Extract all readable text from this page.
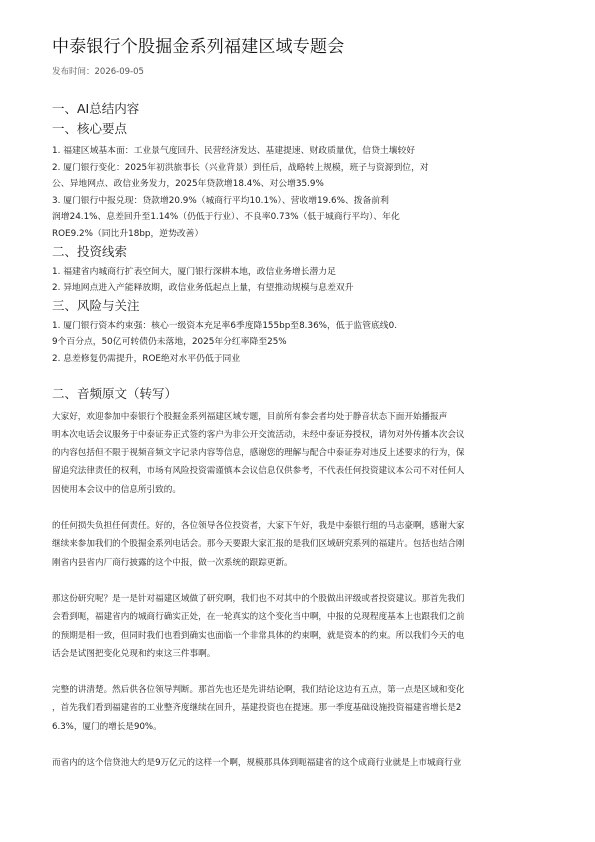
中泰银行个股掘金系列福建区域专题会
发布时间：2026-09-05
一、AI总结内容
一、核心要点
1. 福建区域基本面：工业景气度回升、民营经济发达、基建提速、财政质量优，信贷土壤较好
2. 厦门银行变化：2025年初洪旅事长（兴业背景）到任后，战略转上规模，班子与资源到位，对
公、异地网点、政信业务发力，2025年贷款增18.4%、对公增35.9%
3. 厦门银行中报兑现：贷款增20.9%（城商行平均10.1%）、营收增19.6%、拨备前利
润增24.1%、息差回升至1.14%（仍低于行业）、不良率0.73%（低于城商行平均）、年化
ROE9.2%（同比升18bp，逆势改善）
二、投资线索
1. 福建省内城商行扩表空间大，厦门银行深耕本地，政信业务增长潜力足
2. 异地网点进入产能释放期，政信业务低起点上量，有望推动规模与息差双升
三、风险与关注
1. 厦门银行资本约束强：核心一级资本充足率6季度降155bp至8.36%，低于监管底线0.
9个百分点，50亿可转债仍未落地，2025年分红率降至25%
2. 息差修复仍需提升，ROE绝对水平仍低于同业
二、音频原文（转写）
大家好，欢迎参加中泰银行个股掘金系列福建区域专题，目前所有参会者均处于静音状态下面开始播报声
明本次电话会议服务于中泰证券正式签约客户为非公开交流活动，未经中泰证券授权，请勿对外传播本次会议
的内容包括但不限于视频音频文字记录内容等信息，感谢您的理解与配合中泰证券对违反上述要求的行为，保
留追究法律责任的权利，市场有风险投资需谨慎本会议信息仅供参考，不代表任何投资建议本公司不对任何人
因使用本会议中的信息所引致的。
的任何损失负担任何责任。好的，各位领导各位投资者，大家下午好，我是中泰银行组的马志豪啊，感谢大家
继续来参加我们的个股掘金系列电话会。那今天要跟大家汇报的是我们区域研究系列的福建片。包括也结合刚
刚省内县省内厂商行披露的这个中报，做一次系统的跟踪更新。
那这份研究呢？是一是针对福建区域做了研究啊，我们也不对其中的个股做出评级或者投资建议。那首先我们
会看到呃，福建省内的城商行确实正处，在一轮真实的这个变化当中啊，中报的兑现程度基本上也跟我们之前
的预期是相一致，但同时我们也看到确实也面临一个非常具体的约束啊，就是资本的约束。所以我们今天的电
话会是试图把变化兑现和约束这三件事啊。
完整的讲清楚。然后供各位领导判断。那首先也还是先讲结论啊，我们结论这边有五点，第一点是区域和变化
，首先我们看到福建省的工业整齐度继续在回升，基建投资也在提速。那一季度基础设施投资福建省增长是2
6.3%，厦门的增长是90%。
而省内的这个信贷池大约是9万亿元的这样一个啊，规模那具体到呃福建省的这个成商行业就是上市城商行业
